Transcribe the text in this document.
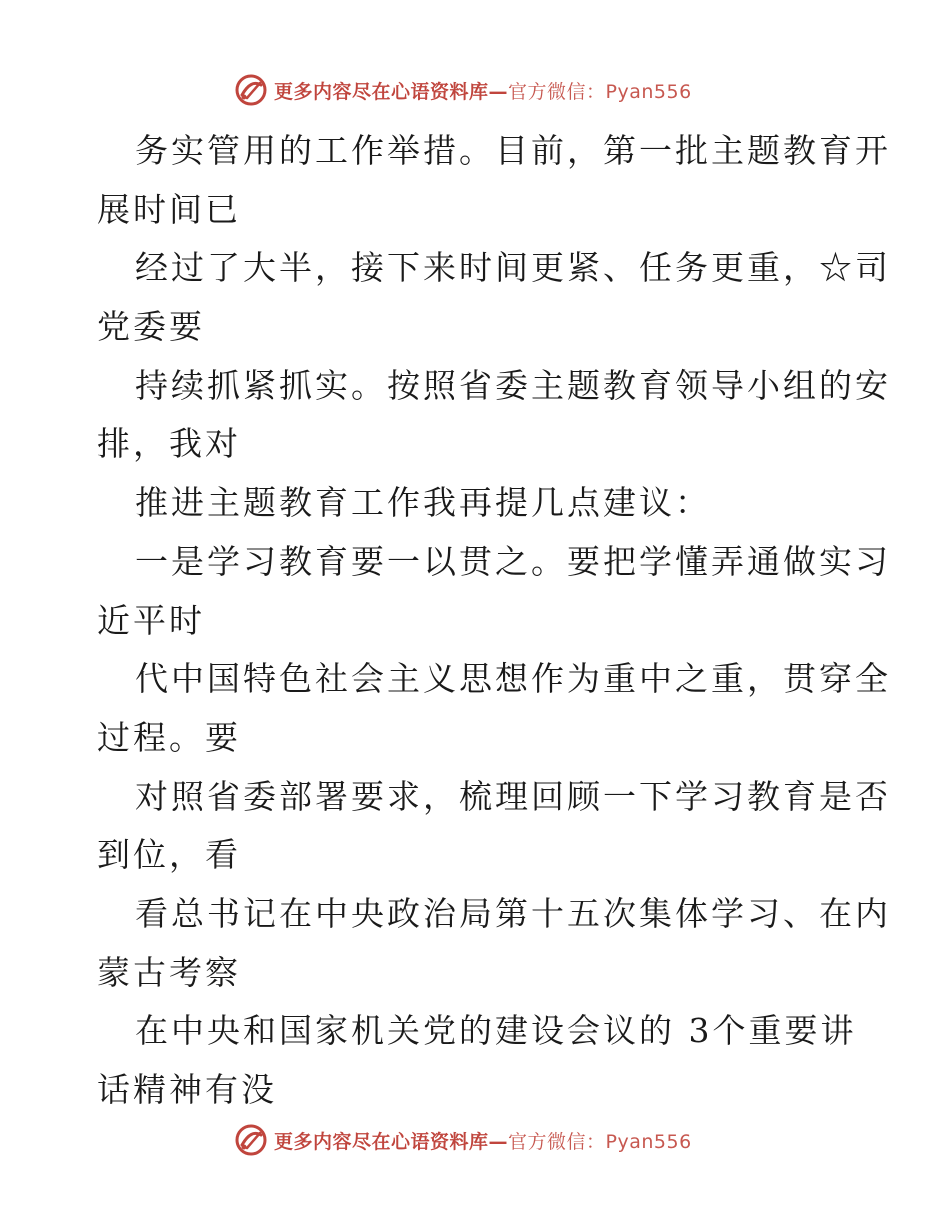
更多内容尽在心语资料库—官方微信：Pyan556
务实管用的工作举措。目前，第一批主题教育开
展时间已
经过了大半，接下来时间更紧、任务更重，☆司
党委要
持续抓紧抓实。按照省委主题教育领导小组的安
排，我对
推进主题教育工作我再提几点建议：
一是学习教育要一以贯之。要把学懂弄通做实习
近平时
代中国特色社会主义思想作为重中之重，贯穿全
过程。要
对照省委部署要求，梳理回顾一下学习教育是否
到位，看
看总书记在中央政治局第十五次集体学习、在内
蒙古考察
在中央和国家机关党的建设会议的 3个重要讲
话精神有没
更多内容尽在心语资料库—官方微信：Pyan556
